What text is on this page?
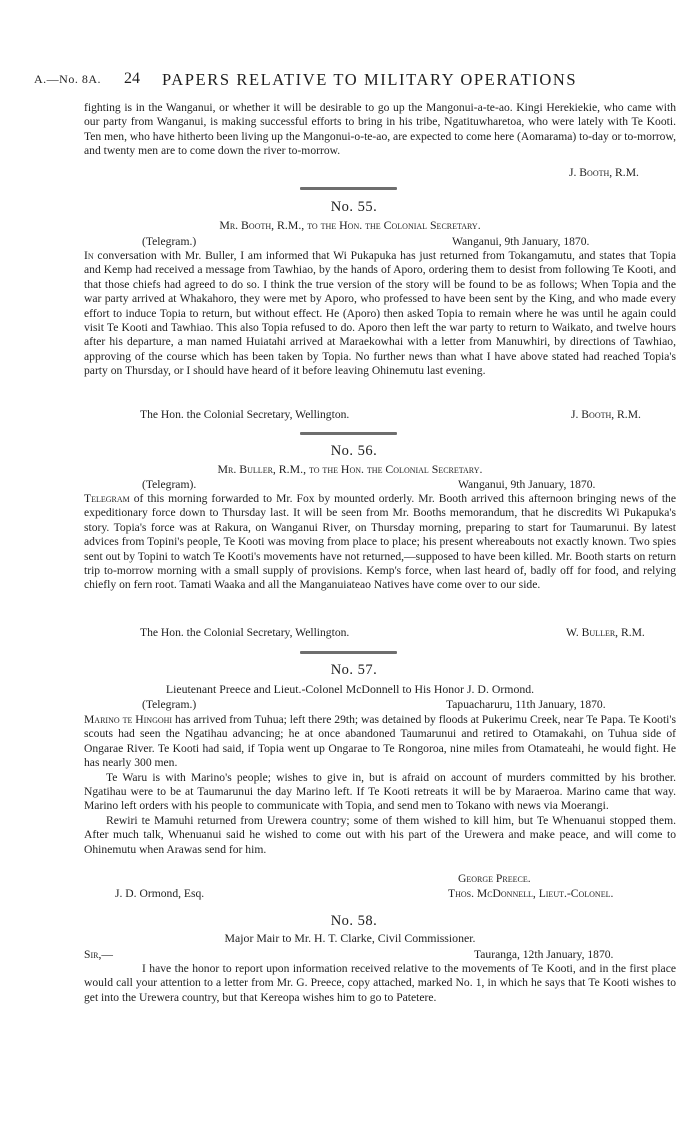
A.—No. 8A. 24 PAPERS RELATIVE TO MILITARY OPERATIONS

fighting is in the Wanganui, or whether it will be desirable to go up the Mangonui-a-te-ao. Kingi Herekiekie, who came with our party from Wanganui, is making successful efforts to bring in his tribe, Ngatituwharetoa, who were lately with Te Kooti. Ten men, who have hitherto been living up the Mangonui-o-te-ao, are expected to come here (Aomarama) to-day or to-morrow, and twenty men are to come down the river to-morrow.

J. Booth, R.M.
No. 55.
Mr. Booth, R.M., to the Hon. the Colonial Secretary.
(Telegram.)	Wanganui, 9th January, 1870.

In conversation with Mr. Buller, I am informed that Wi Pukapuka has just returned from Tokangamutu, and states that Topia and Kemp had received a message from Tawhiao, by the hands of Aporo, ordering them to desist from following Te Kooti, and that those chiefs had agreed to do so. I think the true version of the story will be found to be as follows; When Topia and the war party arrived at Whakahoro, they were met by Aporo, who professed to have been sent by the King, and who made every effort to induce Topia to return, but without effect. He (Aporo) then asked Topia to remain where he was until he again could visit Te Kooti and Tawhiao. This also Topia refused to do. Aporo then left the war party to return to Waikato, and twelve hours after his departure, a man named Huiatahi arrived at Maraekowhai with a letter from Manuwhiri, by directions of Tawhiao, approving of the course which has been taken by Topia. No further news than what I have above stated had reached Topia's party on Thursday, or I should have heard of it before leaving Ohinemutu last evening.

The Hon. the Colonial Secretary, Wellington.	J. Booth, R.M.
No. 56.
Mr. Buller, R.M., to the Hon. the Colonial Secretary.
(Telegram).	Wanganui, 9th January, 1870.

Telegram of this morning forwarded to Mr. Fox by mounted orderly. Mr. Booth arrived this afternoon bringing news of the expeditionary force down to Thursday last. It will be seen from Mr. Booths memorandum, that he discredits Wi Pukapuka's story. Topia's force was at Rakura, on Wanganui River, on Thursday morning, preparing to start for Taumarunui. By latest advices from Topini's people, Te Kooti was moving from place to place; his present whereabouts not exactly known. Two spies sent out by Topini to watch Te Kooti's movements have not returned,—supposed to have been killed. Mr. Booth starts on return trip to-morrow morning with a small supply of provisions. Kemp's force, when last heard of, badly off for food, and relying chiefly on fern root. Tamati Waaka and all the Manganuiateao Natives have come over to our side.

The Hon. the Colonial Secretary, Wellington.	W. Buller, R.M.
No. 57.
Lieutenant Preece and Lieut.-Colonel McDonnell to His Honor J. D. Ormond.
(Telegram.)	Tapuacharuru, 11th January, 1870.

Marino te Hingohi has arrived from Tuhua; left there 29th; was detained by floods at Pukerimu Creek, near Te Papa. Te Kooti's scouts had seen the Ngatihau advancing; he at once abandoned Taumarunui and retired to Otamakahi, on Tuhua side of Ongarae River. Te Kooti had said, if Topia went up Ongarae to Te Rongoroa, nine miles from Otamateahi, he would fight. He has nearly 300 men.

Te Waru is with Marino's people; wishes to give in, but is afraid on account of murders committed by his brother. Ngatihau were to be at Taumarunui the day Marino left. If Te Kooti retreats it will be by Maraeroa. Marino came that way. Marino left orders with his people to communicate with Topia, and send men to Tokano with news via Moerangi.

Rewiri te Mamuhi returned from Urewera country; some of them wished to kill him, but Te Whenuanui stopped them. After much talk, Whenuanui said he wished to come out with his part of the Urewera and make peace, and will come to Ohinemutu when Arawas send for him.

George Preece.
J. D. Ormond, Esq.	Thos. McDonnell, Lieut.-Colonel.
No. 58.
Major Mair to Mr. H. T. Clarke, Civil Commissioner.
Sir,—	Tauranga, 12th January, 1870.

I have the honor to report upon information received relative to the movements of Te Kooti, and in the first place would call your attention to a letter from Mr. G. Preece, copy attached, marked No. 1, in which he says that Te Kooti wishes to get into the Urewera country, but that Kereopa wishes him to go to Patetere.
